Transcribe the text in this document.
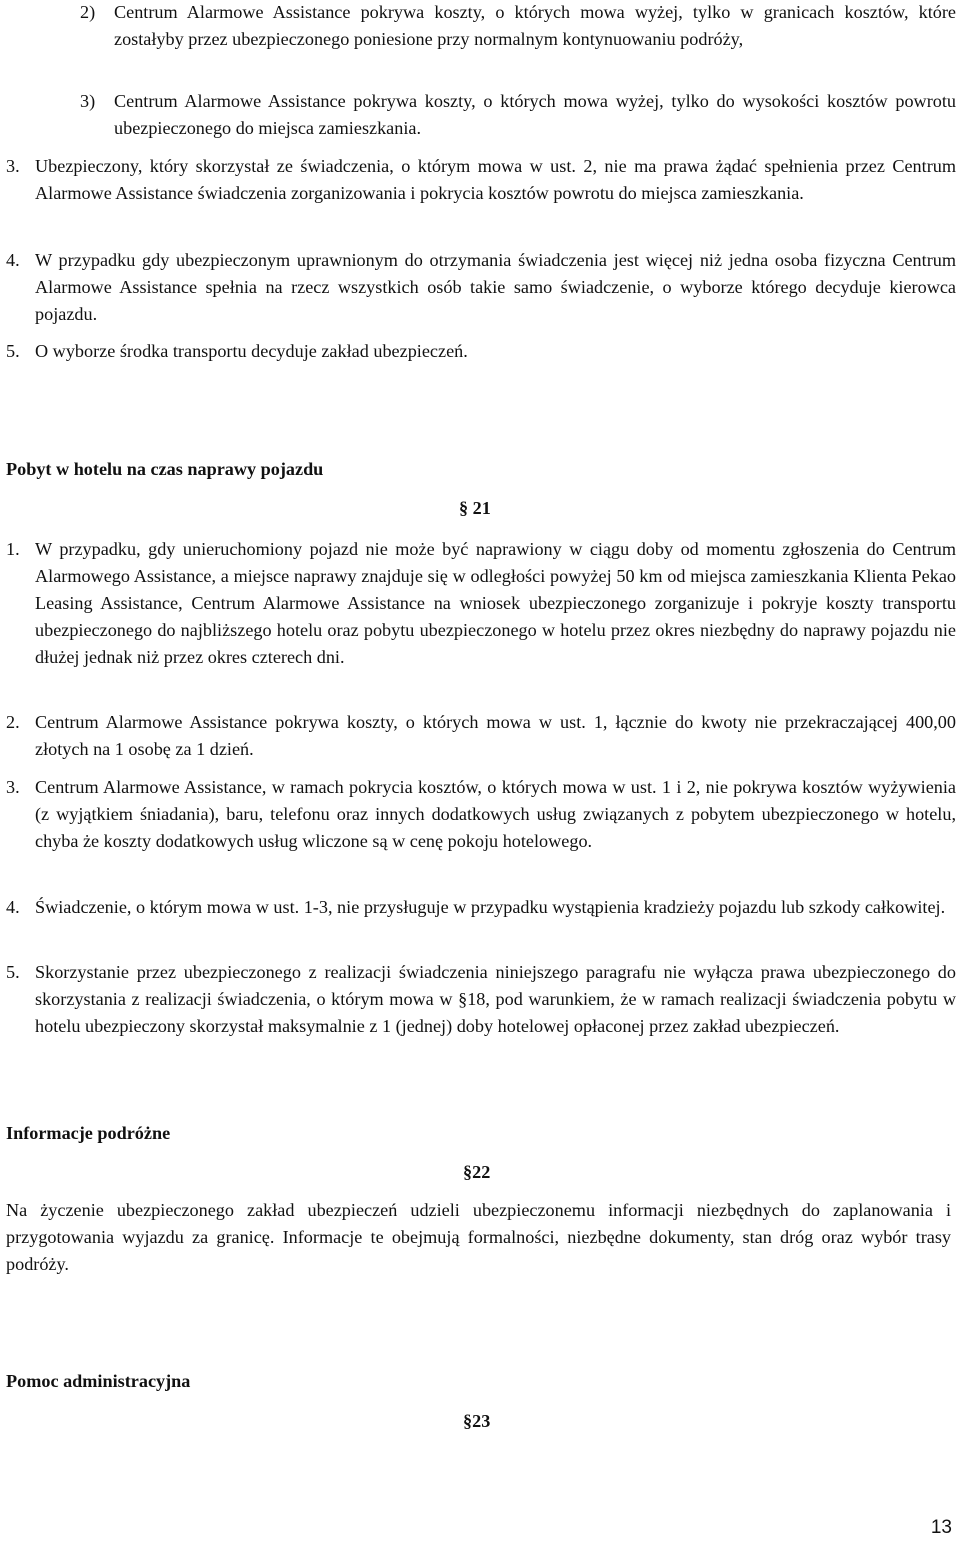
2)	Centrum Alarmowe Assistance pokrywa koszty, o których mowa wyżej, tylko w granicach kosztów, które zostałyby przez ubezpieczonego poniesione przy normalnym kontynuowaniu podróży,
3)	Centrum Alarmowe Assistance pokrywa koszty, o których mowa wyżej, tylko do wysokości kosztów powrotu ubezpieczonego do miejsca zamieszkania.
3. Ubezpieczony, który skorzystał ze świadczenia, o którym mowa w ust. 2, nie ma prawa żądać spełnienia przez Centrum Alarmowe Assistance świadczenia zorganizowania i pokrycia kosztów powrotu do miejsca zamieszkania.
4. W przypadku gdy ubezpieczonym uprawnionym do otrzymania świadczenia jest więcej niż jedna osoba fizyczna Centrum Alarmowe Assistance spełnia na rzecz wszystkich osób takie samo świadczenie, o wyborze którego decyduje kierowca pojazdu.
5. O wyborze środka transportu decyduje zakład ubezpieczeń.
Pobyt w hotelu na czas naprawy pojazdu
§ 21
1. W przypadku, gdy unieruchomiony pojazd nie może być naprawiony w ciągu doby od momentu zgłoszenia do Centrum Alarmowego Assistance, a miejsce naprawy znajduje się w odległości powyżej 50 km od miejsca zamieszkania Klienta Pekao Leasing Assistance, Centrum Alarmowe Assistance na wniosek ubezpieczonego zorganizuje i pokryje koszty transportu ubezpieczonego do najbliższego hotelu oraz pobytu ubezpieczonego w hotelu przez okres niezbędny do naprawy pojazdu nie dłużej jednak niż przez okres czterech dni.
2. Centrum Alarmowe Assistance pokrywa koszty, o których mowa w ust. 1, łącznie do kwoty nie przekraczającej 400,00 złotych na 1 osobę za 1 dzień.
3. Centrum Alarmowe Assistance, w ramach pokrycia kosztów, o których mowa w ust. 1 i 2, nie pokrywa kosztów wyżywienia (z wyjątkiem śniadania), baru, telefonu oraz innych dodatkowych usług związanych z pobytem ubezpieczonego w hotelu, chyba że koszty dodatkowych usług wliczone są w cenę pokoju hotelowego.
4. Świadczenie, o którym mowa w ust. 1-3, nie przysługuje w przypadku wystąpienia kradzieży pojazdu lub szkody całkowitej.
5. Skorzystanie przez ubezpieczonego z realizacji świadczenia niniejszego paragrafu nie wyłącza prawa ubezpieczonego do skorzystania z realizacji świadczenia, o którym mowa w §18, pod warunkiem, że w ramach realizacji świadczenia pobytu w hotelu ubezpieczony skorzystał maksymalnie z 1 (jednej) doby hotelowej opłaconej przez zakład ubezpieczeń.
Informacje podróżne
§22
Na życzenie ubezpieczonego zakład ubezpieczeń udzieli ubezpieczonemu informacji niezbędnych do zaplanowania i przygotowania wyjazdu za granicę. Informacje te obejmują formalności, niezbędne dokumenty, stan dróg oraz wybór trasy podróży.
Pomoc administracyjna
§23
13
